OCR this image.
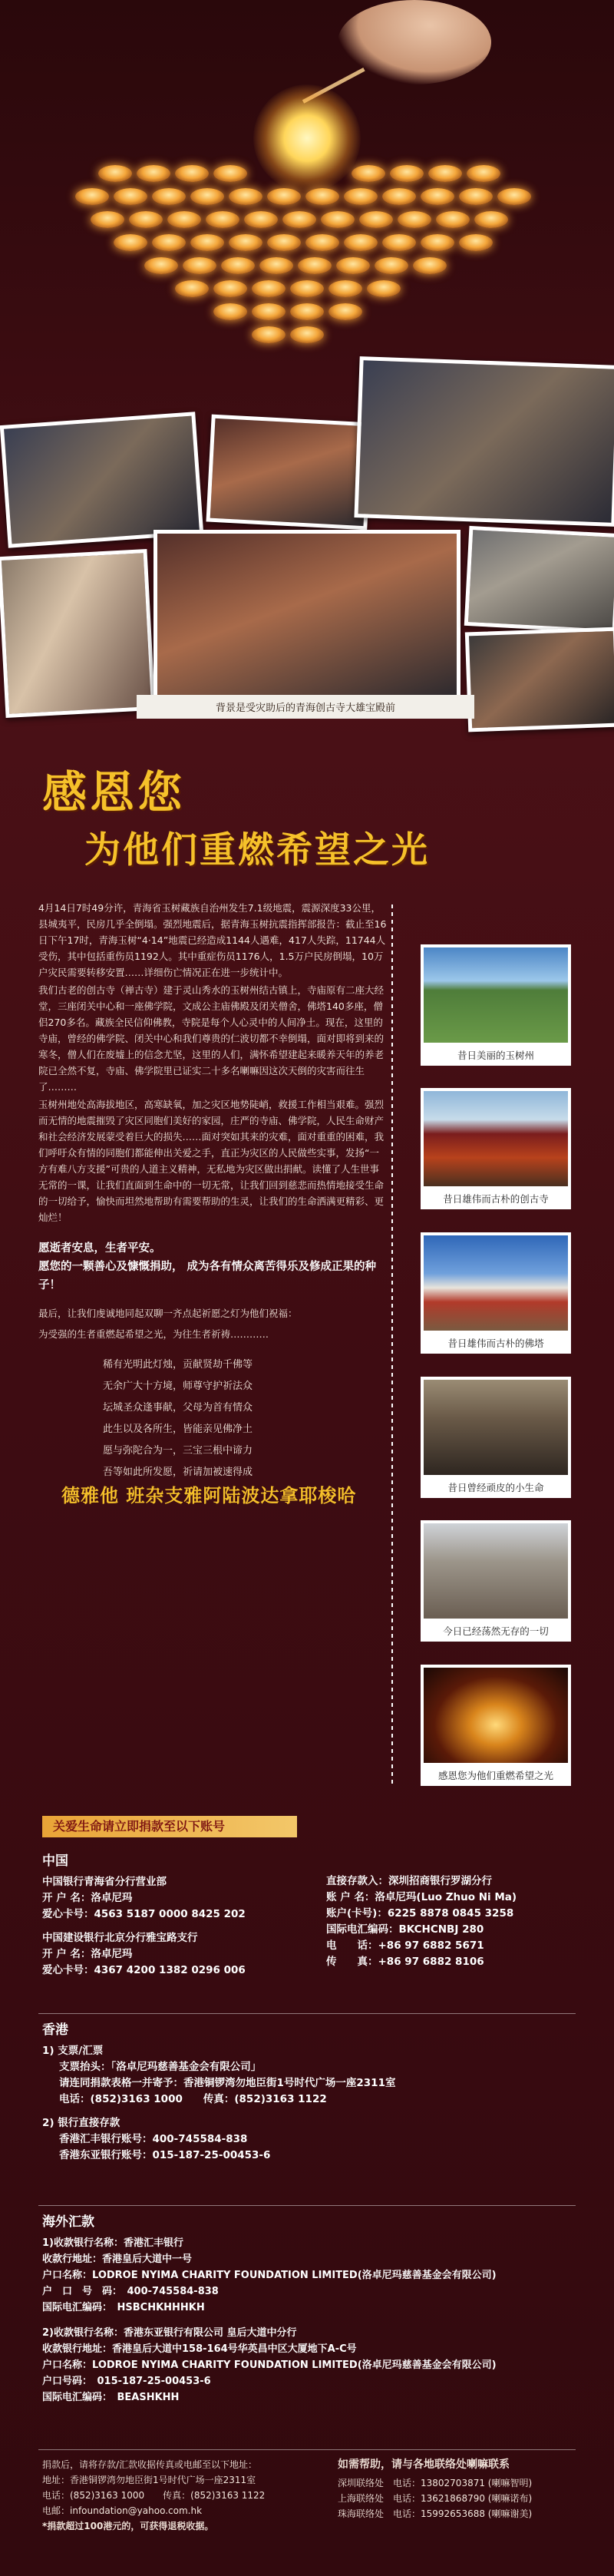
背景是受灾助后的青海创古寺大雄宝殿前
感恩您
为他们重燃希望之光

4月14日7时49分许，青海省玉树藏族自治州发生7.1级地震，震源深度33公里，县城夷平，民房几乎全倒塌。强烈地震后，据青海玉树抗震指挥部报告：截止至16日下午17时，青海玉树“4·14”地震已经造成1144人遇难，417人失踪，11744人受伤，其中包括重伤员1192人。其中重症伤员1176人，1.5万户民房倒塌，10万户灾民需要转移安置……详细伤亡情况正在进一步统计中。

我们古老的创古寺（禅古寺）建于灵山秀水的玉树州结古镇上，寺庙原有二座大经堂，三座闭关中心和一座佛学院，文成公主庙佛殿及闭关僧舍，佛塔140多座，僧侣270多名。藏族全民信仰佛教，寺院是每个人心灵中的人间净土。现在，这里的寺庙，曾经的佛学院、闭关中心和我们尊贵的仁波切都不幸倒塌，面对即将到来的寒冬，僧人们在废墟上的信念尤坚，这里的人们，满怀希望建起来暖养天年的养老院已全然不复，寺庙、佛学院里已证实二十多名喇嘛因这次天倒的灾害而往生了………

玉树州地处高海拔地区，高寒缺氧，加之灾区地势陡峭，救援工作相当艰难。强烈而无情的地震摧毁了灾区同胞们美好的家园，庄严的寺庙、佛学院，人民生命财产和社会经济发展蒙受着巨大的损失……面对突如其来的灾难，面对重重的困难，我们呼吁众有情的同胞们都能伸出关爱之手，直正为灾区的人民做些实事，发扬“一方有难八方支援”可贵的人道主义精神，无私地为灾区做出捐献。读懂了人生世事无常的一课，让我们直面到生命中的一切无常，让我们回到慈悲而热情地接受生命的一切给予，愉快而坦然地帮助有需要帮助的生灵，让我们的生命洒满更精彩、更灿烂！

愿逝者安息，生者平安。
愿您的一颗善心及慷慨捐助， 成为各有情众离苦得乐及修成正果的种子！
最后，让我们虔诚地同起双聊一齐点起祈愿之灯为他们祝福：
为受强的生者重燃起希望之光，为往生者祈祷…………
稀有光明此灯烛，贡献贤劫千佛等
无余广大十方境，师尊守护祈法众
坛城圣众逢事献，父母为首有情众
此生以及各所生，皆能亲见佛净土
愿与弥陀合为一，三宝三根中谛力
吾等如此所发愿，祈请加被速得成
德雅他 班杂支雅阿陆波达拿耶梭哈
昔日美丽的玉树州
昔日雄伟而古朴的创古寺
昔日雄伟而古朴的佛塔
昔日曾经顽皮的小生命
今日已经荡然无存的一切
感恩您为他们重燃希望之光
关爱生命请立即捐款至以下账号
中国
中国银行青海省分行营业部
开 户 名：洛卓尼玛
爱心卡号：4563 5187 0000 8425 202
中国建设银行北京分行雅宝路支行
开 户 名：洛卓尼玛
爱心卡号：4367 4200 1382 0296 006
直接存款入：深圳招商银行罗湖分行
账 户 名：洛卓尼玛(Luo Zhuo Ni Ma)
账户(卡号)：6225 8878 0845 3258
国际电汇编码：BKCHCNBJ 280
电　　话：+86 97 6882 5671
传　　真：+86 97 6882 8106
香港
1) 支票/汇票
支票抬头：「洛卓尼玛慈善基金会有限公司」
请连同捐款表格一并寄予：香港铜锣湾勿地臣街1号时代广场一座2311室
电话：(852)3163 1000　　传真：(852)3163 1122
2) 银行直接存款
香港汇丰银行账号：400-745584-838
香港东亚银行账号：015-187-25-00453-6
海外汇款
1)收款银行名称：香港汇丰银行
收款行地址：香港皇后大道中一号
户口名称：LODROE NYIMA CHARITY FOUNDATION LIMITED(洛卓尼玛慈善基金会有限公司)
户　口　号　码：　400-745584-838
国际电汇编码：　HSBCHKHHHKH
2)收款银行名称：香港东亚银行有限公司 皇后大道中分行
收款银行地址：香港皇后大道中158-164号华英昌中区大厦地下A-C号
户口名称：LODROE NYIMA CHARITY FOUNDATION LIMITED(洛卓尼玛慈善基金会有限公司)
户口号码：　015-187-25-00453-6
国际电汇编码：　BEASHKHH
捐款后，请将存款/汇款收据传真或电邮至以下地址：
地址：香港铜锣湾勿地臣街1号时代广场一座2311室
电话：(852)3163 1000　　传真：(852)3163 1122
电邮：infoundation@yahoo.com.hk
*捐款超过100港元的，可获得退税收据。
如需帮助，请与各地联络处喇嘛联系
深圳联络处　电话：13802703871 (喇嘛智明)
上海联络处　电话：13621868790 (喇嘛诺布)
珠海联络处　电话：15992653688 (喇嘛谢美)
